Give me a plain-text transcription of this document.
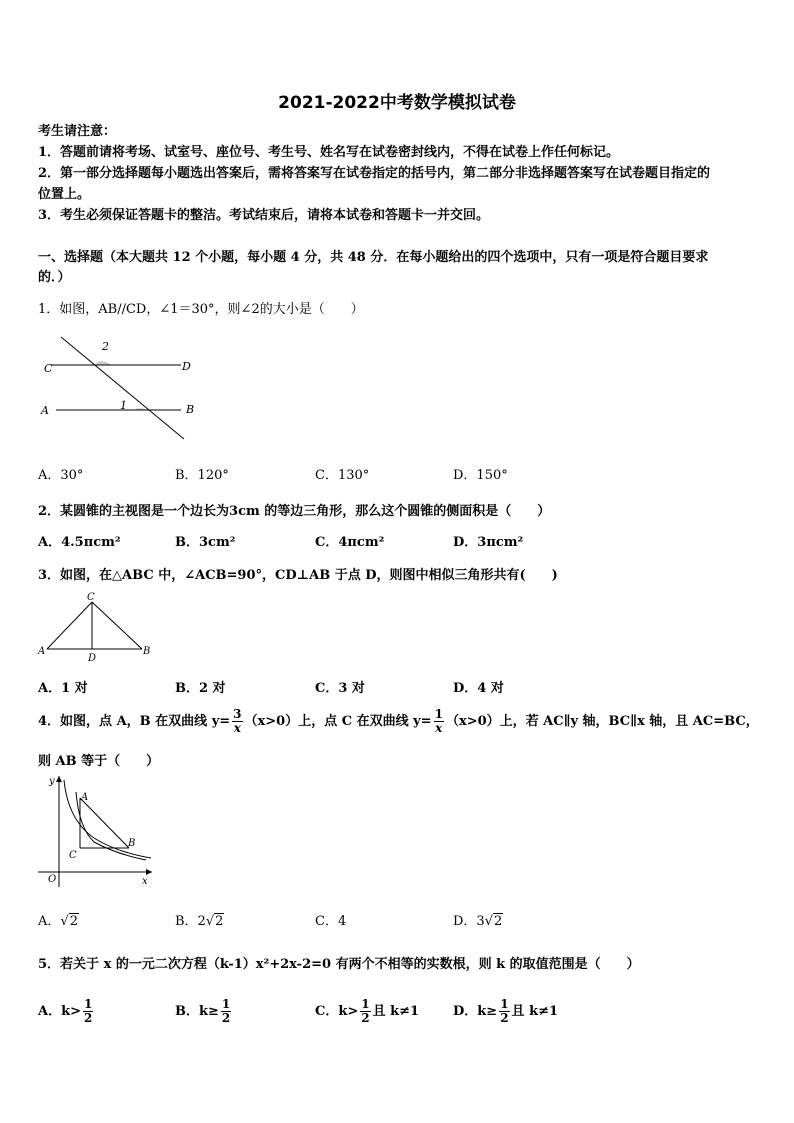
2021-2022中考数学模拟试卷
考生请注意：
1．答题前请将考场、试室号、座位号、考生号、姓名写在试卷密封线内，不得在试卷上作任何标记。
2．第一部分选择题每小题选出答案后，需将答案写在试卷指定的括号内，第二部分非选择题答案写在试卷题目指定的
位置上。
3．考生必须保证答题卡的整洁。考试结束后，请将本试卷和答题卡一并交回。
一、选择题（本大题共 12 个小题，每小题 4 分，共 48 分．在每小题给出的四个选项中，只有一项是符合题目要求
的．）
1．如图，AB//CD，∠1＝30°，则∠2的大小是（　　）
C	D
A	B
1
2
A．30°	B．120°	C．130°	D．150°
2．某圆锥的主视图是一个边长为3cm 的等边三角形，那么这个圆锥的侧面积是（　　）
A．4.5πcm²	B．3cm²	C．4πcm²	D．3πcm²
3．如图，在△ABC 中，∠ACB=90°，CD⊥AB 于点 D，则图中相似三角形共有(　　)
C
A	B
D
A．1 对	B．2 对	C．3 对	D．4 对
4．如图，点 A，B 在双曲线 $y= \frac{3}{x} (x>0)$上，点 C 在双曲线 $y= \frac{1}{x} (x>0)$上，若 AC∥y 轴，BC∥x 轴，且 AC=BC，
则 AB 等于（　　）
y
x
O
A
B
C
A．√2	B．2√2	C．4	D．3√2
5．若关于 x 的一元二次方程（k-1）x²+2x-2=0 有两个不相等的实数根，则 k 的取值范围是（　　）
A．$k> \frac{1}{2}$	B．$k\ge \frac{1}{2}$	C．$k> \frac{1}{2}$ 且 k≠1	D．$k\ge \frac{1}{2}$ 且 k≠1
